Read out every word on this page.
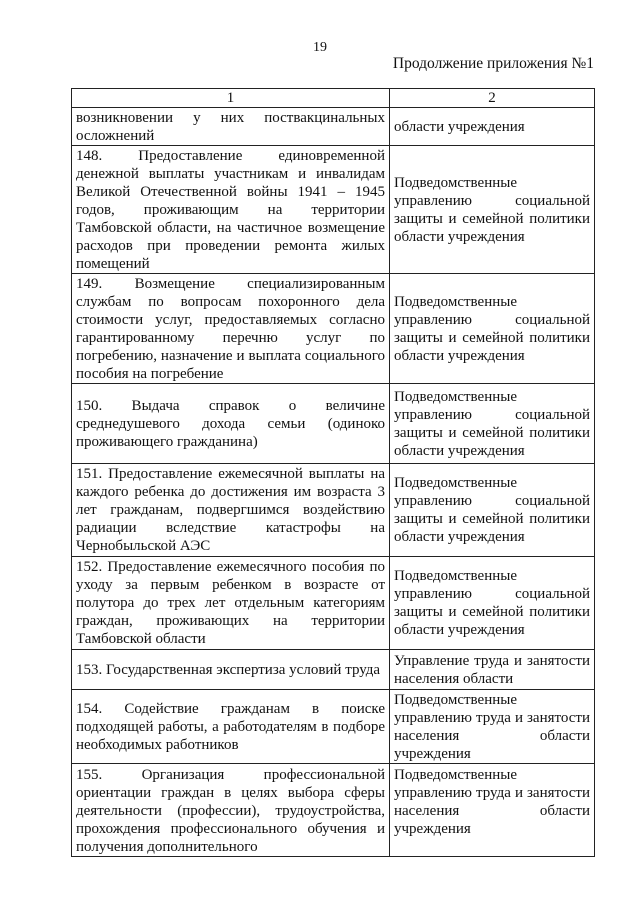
19
Продолжение приложения №1
1	2
возникновении у них поствакцинальных осложнений	области учреждения
148. Предоставление единовременной денежной выплаты участникам и инвалидам Великой Отечественной войны 1941 – 1945 годов, проживающим на территории Тамбовской области, на частичное возмещение расходов при проведении ремонта жилых помещений	Подведомственные управлению социальной защиты и семейной политики области учреждения
149. Возмещение специализированным службам по вопросам похоронного дела стоимости услуг, предоставляемых согласно гарантированному перечню услуг по погребению, назначение и выплата социального пособия на погребение	Подведомственные управлению социальной защиты и семейной политики области учреждения
150. Выдача справок о величине среднедушевого дохода семьи (одиноко проживающего гражданина)	Подведомственные управлению социальной защиты и семейной политики области учреждения
151. Предоставление ежемесячной выплаты на каждого ребенка до достижения им возраста 3 лет гражданам, подвергшимся воздействию радиации вследствие катастрофы на Чернобыльской АЭС	Подведомственные управлению социальной защиты и семейной политики области учреждения
152. Предоставление ежемесячного пособия по уходу за первым ребенком в возрасте от полутора до трех лет отдельным категориям граждан, проживающих на территории Тамбовской области	Подведомственные управлению социальной защиты и семейной политики области учреждения
153. Государственная экспертиза условий труда	Управление труда и занятости населения области
154. Содействие гражданам в поиске подходящей работы, а работодателям в подборе необходимых работников	Подведомственные управлению труда и занятости населения области учреждения
155. Организация профессиональной ориентации граждан в целях выбора сферы деятельности (профессии), трудоустройства, прохождения профессионального обучения и получения дополнительного	Подведомственные управлению труда и занятости населения области учреждения
